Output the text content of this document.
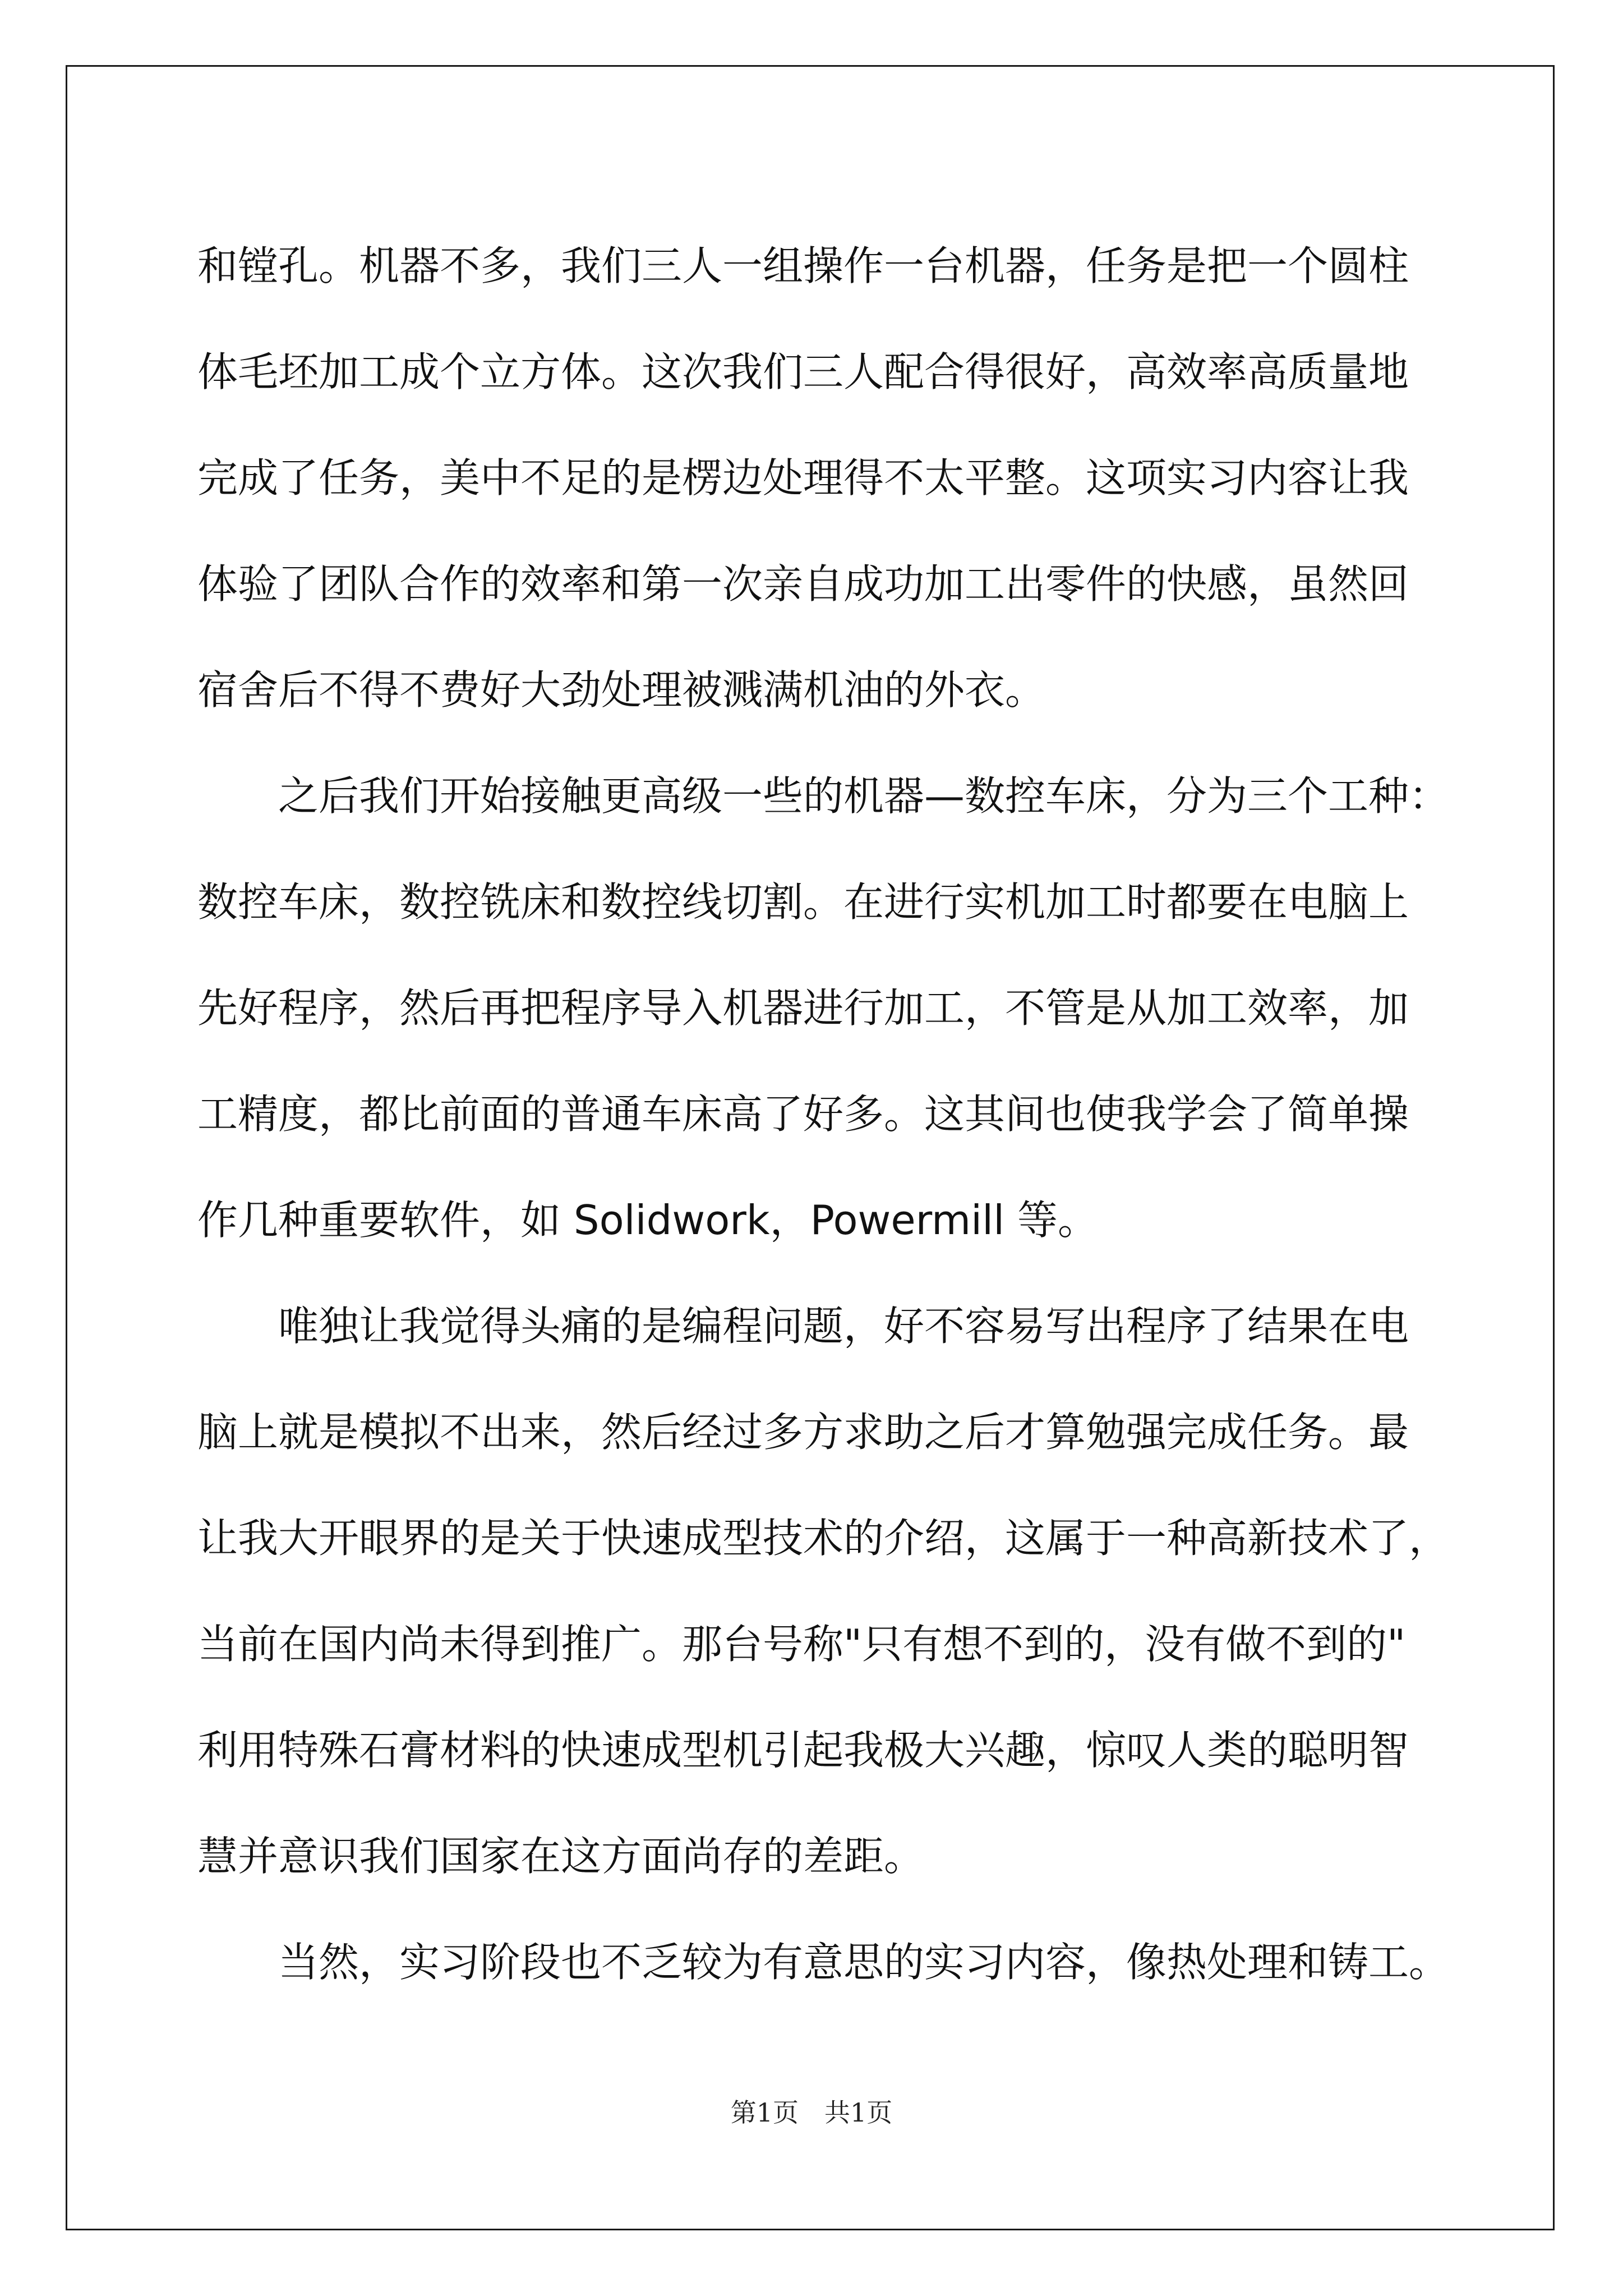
和镗孔。机器不多，我们三人一组操作一台机器，任务是把一个圆柱
体毛坯加工成个立方体。这次我们三人配合得很好，高效率高质量地
完成了任务，美中不足的是楞边处理得不太平整。这项实习内容让我
体验了团队合作的效率和第一次亲自成功加工出零件的快感，虽然回
宿舍后不得不费好大劲处理被溅满机油的外衣。
　　之后我们开始接触更高级一些的机器—数控车床，分为三个工种：
数控车床，数控铣床和数控线切割。在进行实机加工时都要在电脑上
先好程序，然后再把程序导入机器进行加工，不管是从加工效率，加
工精度，都比前面的普通车床高了好多。这其间也使我学会了简单操
作几种重要软件，如 Solidwork，Powermill 等。
　　唯独让我觉得头痛的是编程问题，好不容易写出程序了结果在电
脑上就是模拟不出来，然后经过多方求助之后才算勉强完成任务。最
让我大开眼界的是关于快速成型技术的介绍，这属于一种高新技术了，
当前在国内尚未得到推广。那台号称"只有想不到的，没有做不到的"
利用特殊石膏材料的快速成型机引起我极大兴趣，惊叹人类的聪明智
慧并意识我们国家在这方面尚存的差距。
　　当然，实习阶段也不乏较为有意思的实习内容，像热处理和铸工。
第1页　共1页
